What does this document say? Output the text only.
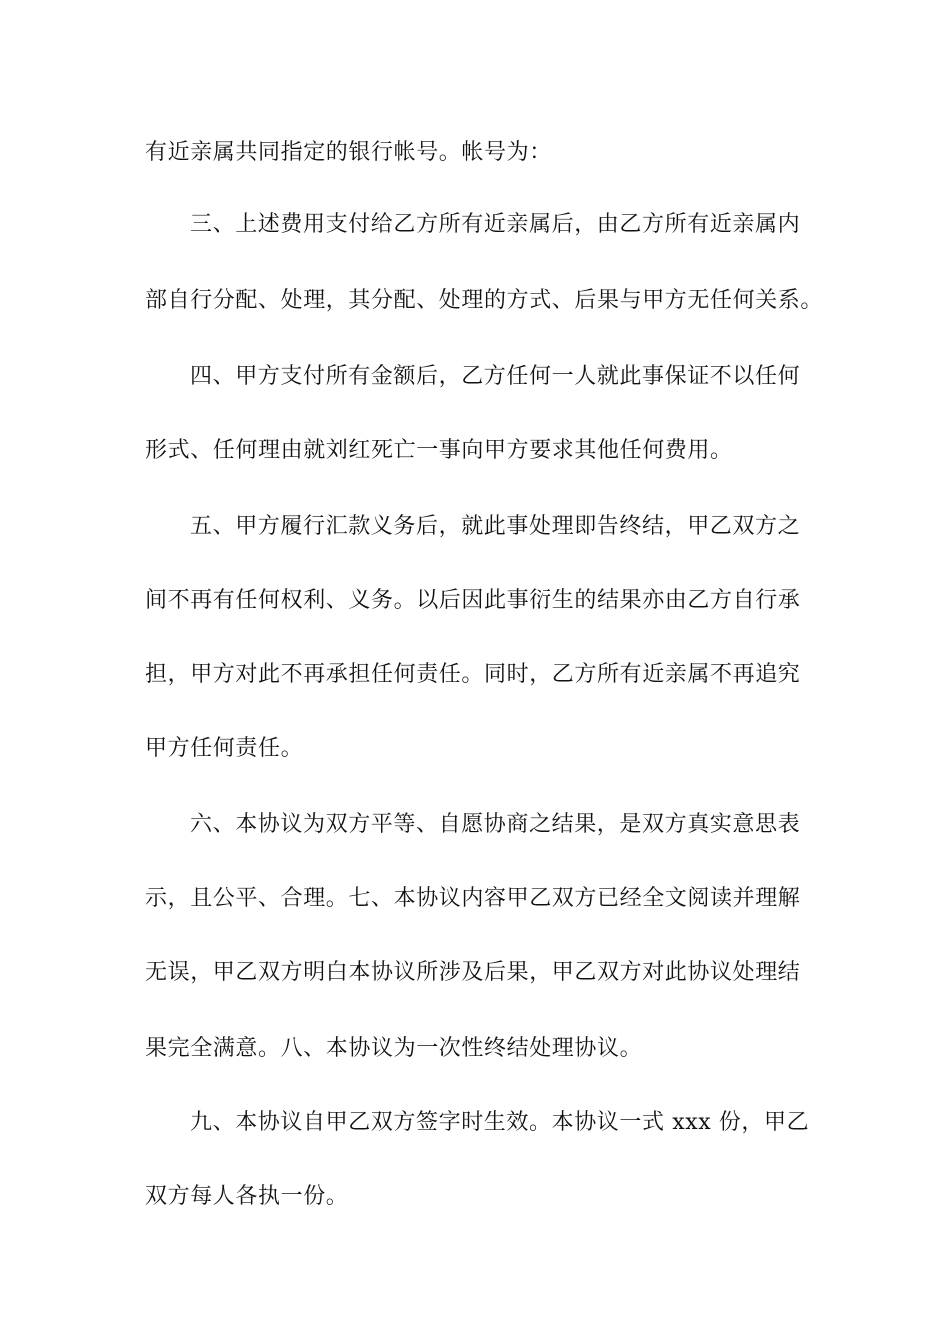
有近亲属共同指定的银行帐号。帐号为：
三、上述费用支付给乙方所有近亲属后，由乙方所有近亲属内
部自行分配、处理，其分配、处理的方式、后果与甲方无任何关系。
四、甲方支付所有金额后，乙方任何一人就此事保证不以任何
形式、任何理由就刘红死亡一事向甲方要求其他任何费用。
五、甲方履行汇款义务后，就此事处理即告终结，甲乙双方之
间不再有任何权利、义务。以后因此事衍生的结果亦由乙方自行承
担，甲方对此不再承担任何责任。同时，乙方所有近亲属不再追究
甲方任何责任。
六、本协议为双方平等、自愿协商之结果，是双方真实意思表
示，且公平、合理。七、本协议内容甲乙双方已经全文阅读并理解
无误，甲乙双方明白本协议所涉及后果，甲乙双方对此协议处理结
果完全满意。八、本协议为一次性终结处理协议。
九、本协议自甲乙双方签字时生效。本协议一式 xxx 份，甲乙
双方每人各执一份。
